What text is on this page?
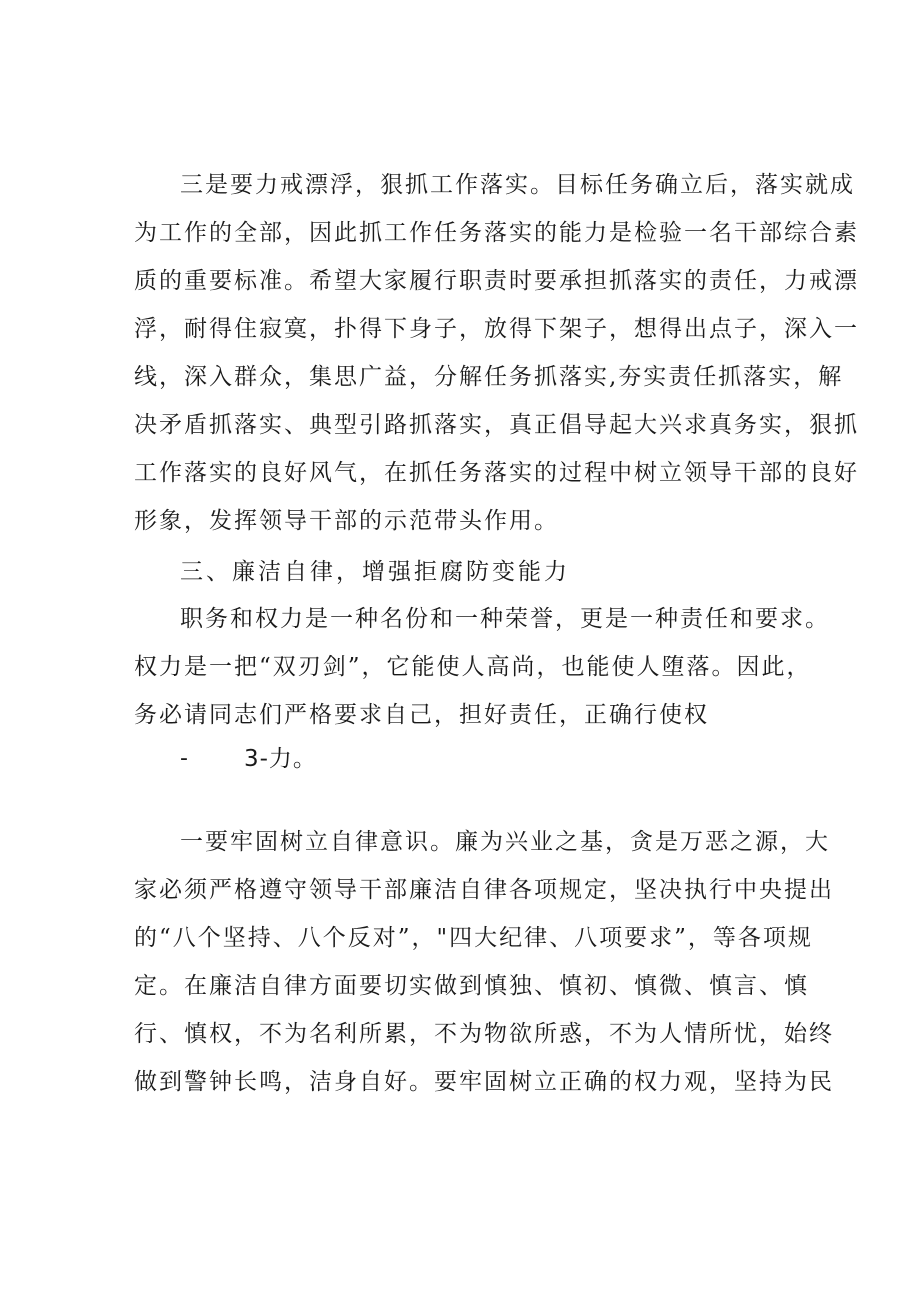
三是要力戒漂浮，狠抓工作落实。目标任务确立后，落实就成
为工作的全部，因此抓工作任务落实的能力是检验一名干部综合素
质的重要标准。希望大家履行职责时要承担抓落实的责任，力戒漂
浮，耐得住寂寞，扑得下身子，放得下架子，想得出点子，深入一
线，深入群众，集思广益，分解任务抓落实,夯实责任抓落实，解
决矛盾抓落实、典型引路抓落实，真正倡导起大兴求真务实，狠抓
工作落实的良好风气，在抓任务落实的过程中树立领导干部的良好
形象，发挥领导干部的示范带头作用。
三、廉洁自律，增强拒腐防变能力
职务和权力是一种名份和一种荣誉，更是一种责任和要求。
权力是一把“双刃剑”，它能使人高尚，也能使人堕落。因此，
务必请同志们严格要求自己，担好责任，正确行使权
- 3-力。
一要牢固树立自律意识。廉为兴业之基，贪是万恶之源，大
家必须严格遵守领导干部廉洁自律各项规定，坚决执行中央提出
的“八个坚持、八个反对”，"四大纪律、八项要求”，等各项规
定。在廉洁自律方面要切实做到慎独、慎初、慎微、慎言、慎
行、慎权，不为名利所累，不为物欲所惑，不为人情所忧，始终
做到警钟长鸣，洁身自好。要牢固树立正确的权力观，坚持为民
